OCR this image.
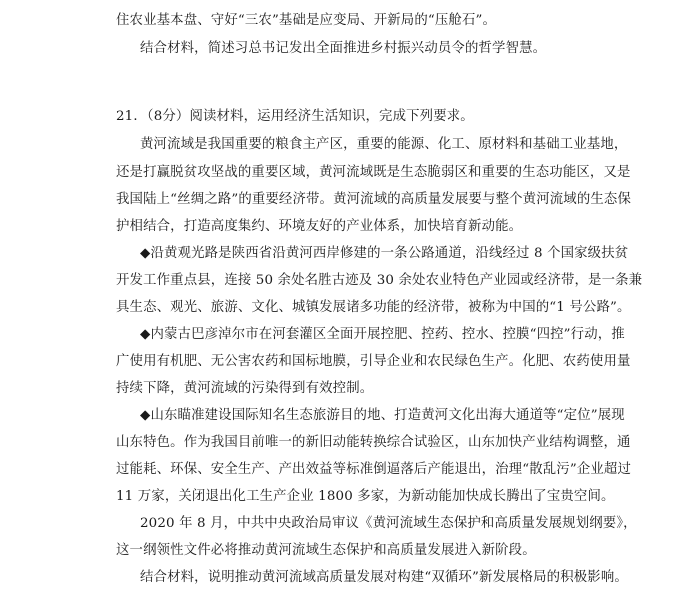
住农业基本盘、守好“三农”基础是应变局、开新局的“压舱石”。
结合材料，简述习总书记发出全面推进乡村振兴动员令的哲学智慧。
21．（8分）阅读材料，运用经济生活知识，完成下列要求。
黄河流域是我国重要的粮食主产区，重要的能源、化工、原材料和基础工业基地，
还是打赢脱贫攻坚战的重要区域，黄河流域既是生态脆弱区和重要的生态功能区，又是
我国陆上“丝绸之路”的重要经济带。黄河流域的高质量发展要与整个黄河流域的生态保
护相结合，打造高度集约、环境友好的产业体系，加快培育新动能。
◆沿黄观光路是陕西省沿黄河西岸修建的一条公路通道，沿线经过 8 个国家级扶贫
开发工作重点县，连接 50 余处名胜古迹及 30 余处农业特色产业园或经济带，是一条兼
具生态、观光、旅游、文化、城镇发展诸多功能的经济带，被称为中国的“1 号公路”。
◆内蒙古巴彦淖尔市在河套灌区全面开展控肥、控药、控水、控膜“四控”行动，推
广使用有机肥、无公害农药和国标地膜，引导企业和农民绿色生产。化肥、农药使用量
持续下降，黄河流域的污染得到有效控制。
◆山东瞄准建设国际知名生态旅游目的地、打造黄河文化出海大通道等“定位”展现
山东特色。作为我国目前唯一的新旧动能转换综合试验区，山东加快产业结构调整，通
过能耗、环保、安全生产、产出效益等标准倒逼落后产能退出，治理“散乱污”企业超过
11 万家，关闭退出化工生产企业 1800 多家，为新动能加快成长腾出了宝贵空间。
2020 年 8 月，中共中央政治局审议《黄河流域生态保护和高质量发展规划纲要》，
这一纲领性文件必将推动黄河流域生态保护和高质量发展进入新阶段。
结合材料，说明推动黄河流域高质量发展对构建“双循环”新发展格局的积极影响。
